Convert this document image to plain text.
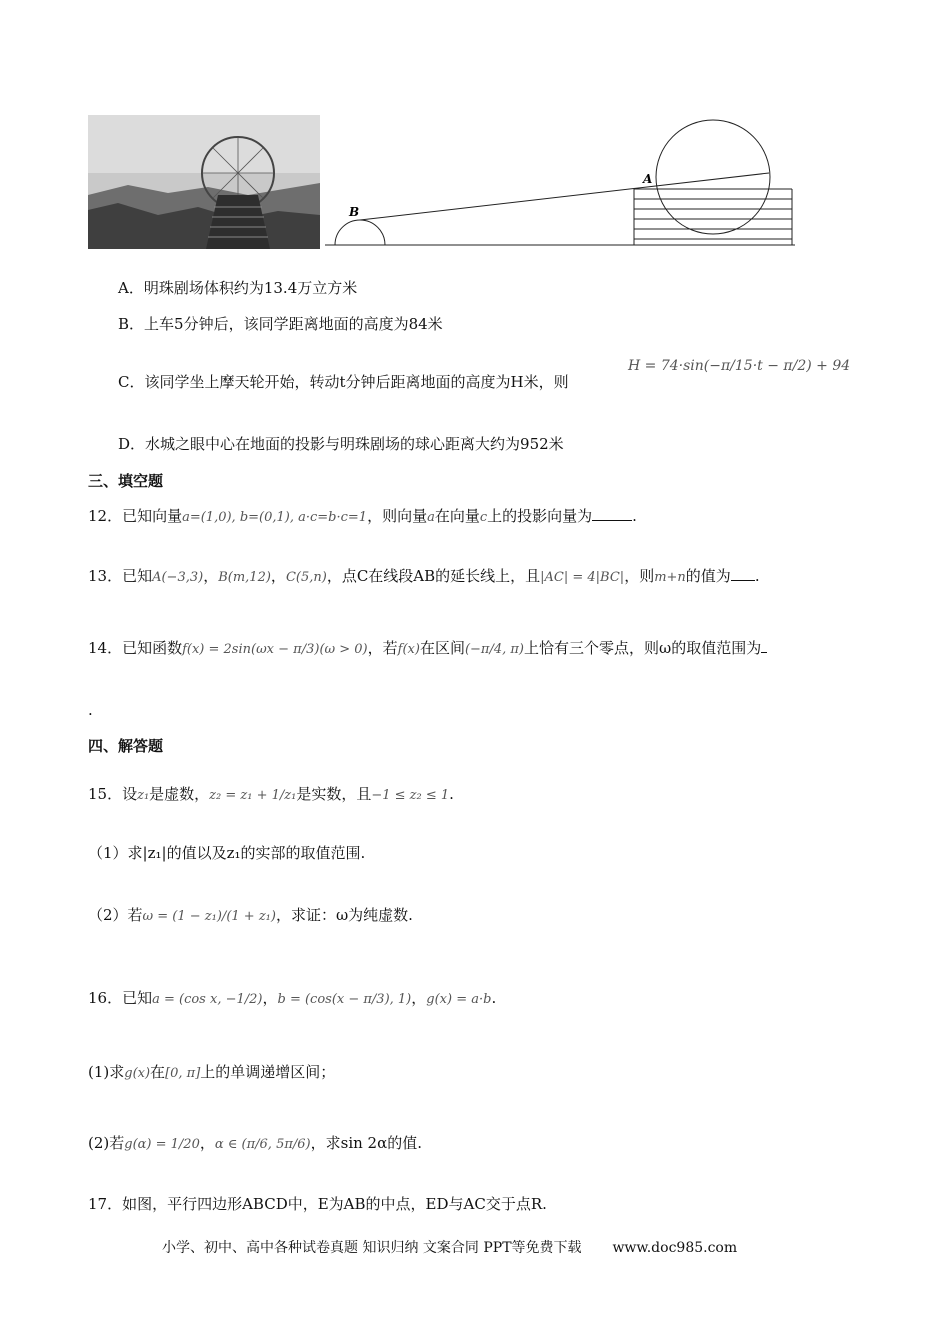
B
A
A．明珠剧场体积约为13.4万立方米
B．上车5分钟后，该同学距离地面的高度为84米
C．该同学坐上摩天轮开始，转动t分钟后距离地面的高度为H米，则
H = 74·sin(−π/15·t − π/2) + 94
D．水城之眼中心在地面的投影与明珠剧场的球心距离大约为952米
三、填空题
12．已知向量a=(1,0), b=(0,1), a·c=b·c=1，则向量a在向量c上的投影向量为	.
13．已知A(−3,3)，B(m,12)，C(5,n)，点C在线段AB的延长线上，且|AC| = 4|BC|，则m+n的值为 .
14．已知函数f(x) = 2sin(ωx − π/3)(ω > 0)，若f(x)在区间(−π/4, π)上恰有三个零点，则ω的取值范围为
.
四、解答题
15．设z₁是虚数，z₂ = z₁ + 1/z₁是实数，且−1 ≤ z₂ ≤ 1.
（1）求|z₁|的值以及z₁的实部的取值范围.
（2）若ω = (1 − z₁)/(1 + z₁)，求证：ω为纯虚数.
16．已知a = (cos x, −1/2)，b = (cos(x − π/3), 1)，g(x) = a·b.
(1)求g(x)在[0, π]上的单调递增区间；
(2)若g(α) = 1/20，α ∈ (π/6, 5π/6)，求sin 2α的值.
17．如图，平行四边形ABCD中，E为AB的中点，ED与AC交于点R.
小学、初中、高中各种试卷真题 知识归纳 文案合同 PPT等免费下载 www.doc985.com
